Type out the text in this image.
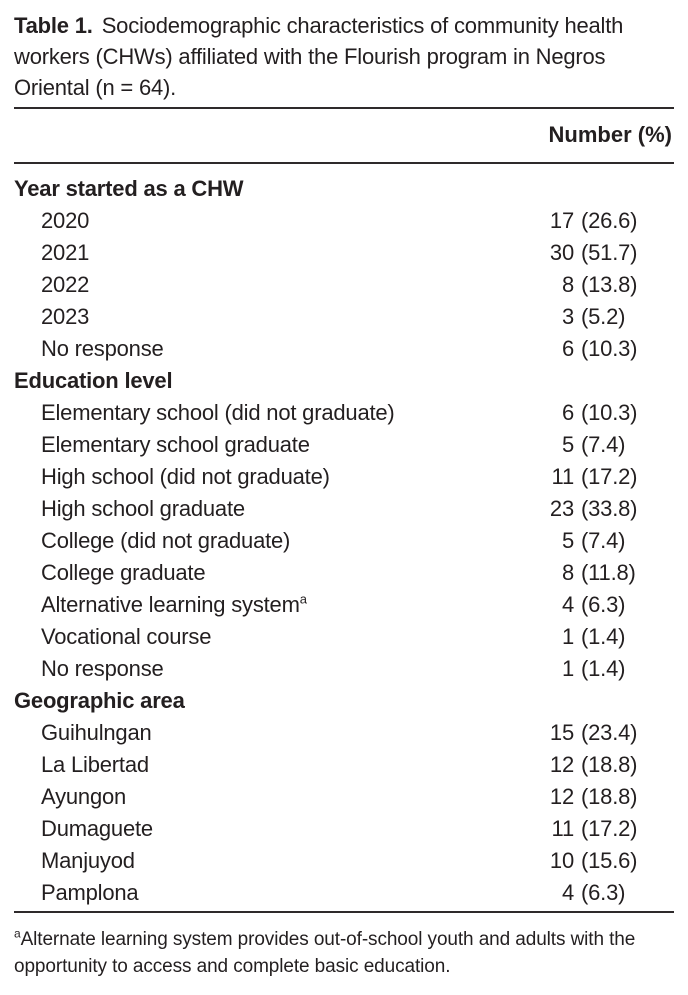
Table 1. Sociodemographic characteristics of community health workers (CHWs) affiliated with the Flourish program in Negros Oriental (n = 64).
Number (%)
Year started as a CHW
2020	17 (26.6)
2021	30 (51.7)
2022	8 (13.8)
2023	3 (5.2)
No response	6 (10.3)
Education level
Elementary school (did not graduate)	6 (10.3)
Elementary school graduate	5 (7.4)
High school (did not graduate)	11 (17.2)
High school graduate	23 (33.8)
College (did not graduate)	5 (7.4)
College graduate	8 (11.8)
Alternative learning system$^a$	4 (6.3)
Vocational course	1 (1.4)
No response	1 (1.4)
Geographic area
Guihulngan	15 (23.4)
La Libertad	12 (18.8)
Ayungon	12 (18.8)
Dumaguete	11 (17.2)
Manjuyod	10 (15.6)
Pamplona	4 (6.3)
$^a$Alternate learning system provides out-of-school youth and adults with the opportunity to access and complete basic education.
